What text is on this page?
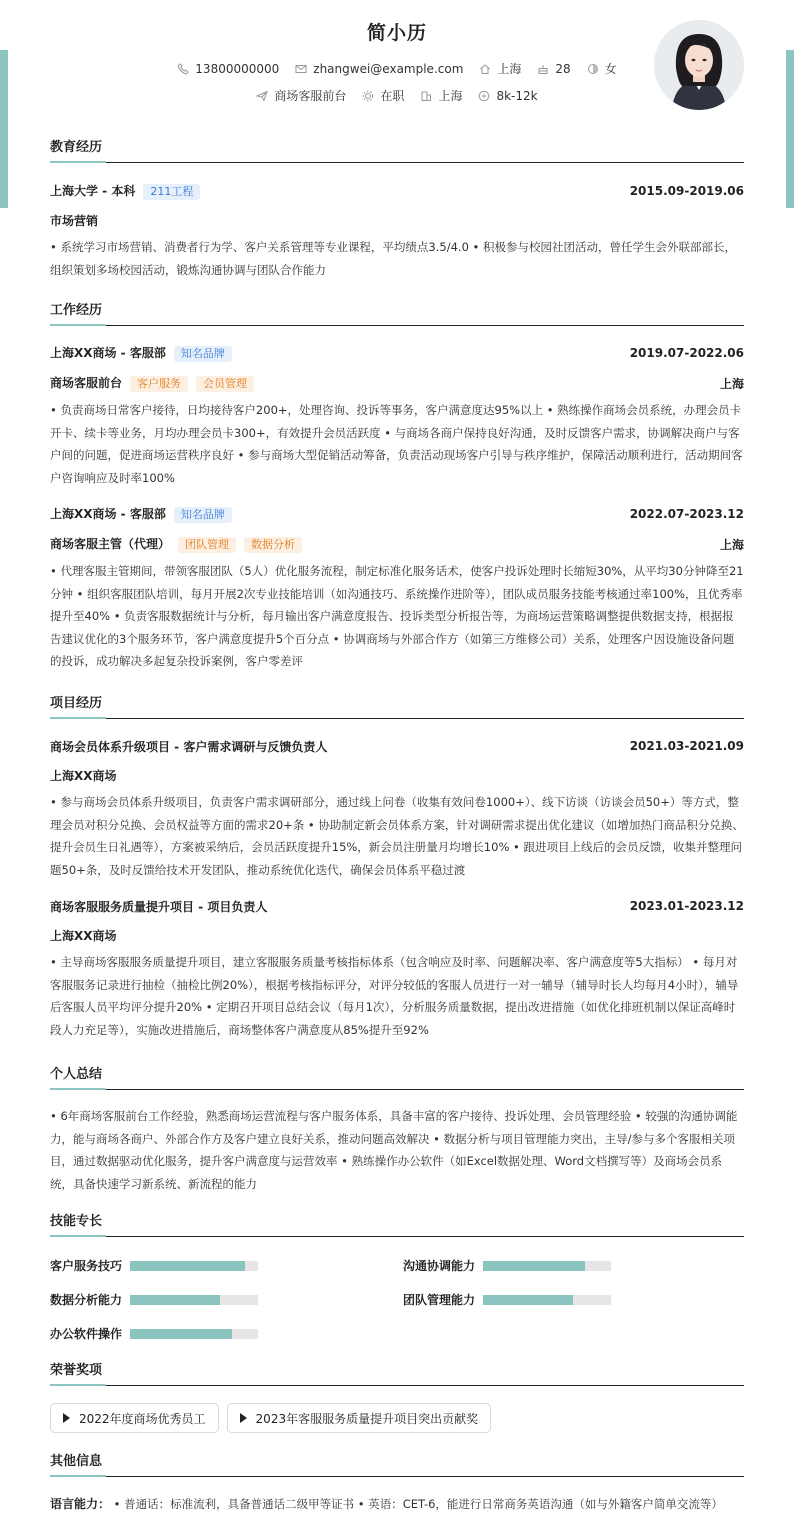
简小历
13800000000	zhangwei@example.com	上海	28	女
商场客服前台	在职	上海	8k-12k
教育经历
上海大学 - 本科 211工程	2015.09-2019.06
市场营销
• 系统学习市场营销、消费者行为学、客户关系管理等专业课程，平均绩点3.5/4.0 • 积极参与校园社团活动，曾任学生会外联部部长，组织策划多场校园活动，锻炼沟通协调与团队合作能力
工作经历
上海XX商场 - 客服部 知名品牌	2019.07-2022.06
商场客服前台 客户服务 会员管理	上海
• 负责商场日常客户接待，日均接待客户200+，处理咨询、投诉等事务，客户满意度达95%以上 • 熟练操作商场会员系统，办理会员卡开卡、续卡等业务，月均办理会员卡300+，有效提升会员活跃度 • 与商场各商户保持良好沟通，及时反馈客户需求，协调解决商户与客户间的问题，促进商场运营秩序良好 • 参与商场大型促销活动筹备，负责活动现场客户引导与秩序维护，保障活动顺利进行，活动期间客户咨询响应及时率100%
上海XX商场 - 客服部 知名品牌	2022.07-2023.12
商场客服主管（代理） 团队管理 数据分析	上海
• 代理客服主管期间，带领客服团队（5人）优化服务流程，制定标准化服务话术，使客户投诉处理时长缩短30%，从平均30分钟降至21分钟 • 组织客服团队培训，每月开展2次专业技能培训（如沟通技巧、系统操作进阶等），团队成员服务技能考核通过率100%，且优秀率提升至40% • 负责客服数据统计与分析，每月输出客户满意度报告、投诉类型分析报告等，为商场运营策略调整提供数据支持，根据报告建议优化的3个服务环节，客户满意度提升5个百分点 • 协调商场与外部合作方（如第三方维修公司）关系，处理客户因设施设备问题的投诉，成功解决多起复杂投诉案例，客户零差评
项目经历
商场会员体系升级项目 - 客户需求调研与反馈负责人	2021.03-2021.09
上海XX商场
• 参与商场会员体系升级项目，负责客户需求调研部分，通过线上问卷（收集有效问卷1000+）、线下访谈（访谈会员50+）等方式，整理会员对积分兑换、会员权益等方面的需求20+条 • 协助制定新会员体系方案，针对调研需求提出优化建议（如增加热门商品积分兑换、提升会员生日礼遇等），方案被采纳后，会员活跃度提升15%，新会员注册量月均增长10% • 跟进项目上线后的会员反馈，收集并整理问题50+条，及时反馈给技术开发团队，推动系统优化迭代，确保会员体系平稳过渡
商场客服服务质量提升项目 - 项目负责人	2023.01-2023.12
上海XX商场
• 主导商场客服服务质量提升项目，建立客服服务质量考核指标体系（包含响应及时率、问题解决率、客户满意度等5大指标） • 每月对客服服务记录进行抽检（抽检比例20%），根据考核指标评分，对评分较低的客服人员进行一对一辅导（辅导时长人均每月4小时），辅导后客服人员平均评分提升20% • 定期召开项目总结会议（每月1次），分析服务质量数据，提出改进措施（如优化排班机制以保证高峰时段人力充足等），实施改进措施后，商场整体客户满意度从85%提升至92%
个人总结
• 6年商场客服前台工作经验，熟悉商场运营流程与客户服务体系，具备丰富的客户接待、投诉处理、会员管理经验 • 较强的沟通协调能力，能与商场各商户、外部合作方及客户建立良好关系，推动问题高效解决 • 数据分析与项目管理能力突出，主导/参与多个客服相关项目，通过数据驱动优化服务，提升客户满意度与运营效率 • 熟练操作办公软件（如Excel数据处理、Word文档撰写等）及商场会员系统，具备快速学习新系统、新流程的能力
技能专长
客户服务技巧	沟通协调能力
数据分析能力	团队管理能力
办公软件操作
荣誉奖项
2022年度商场优秀员工	2023年客服服务质量提升项目突出贡献奖
其他信息
语言能力： • 普通话：标准流利，具备普通话二级甲等证书 • 英语：CET-6，能进行日常商务英语沟通（如与外籍客户简单交流等）
